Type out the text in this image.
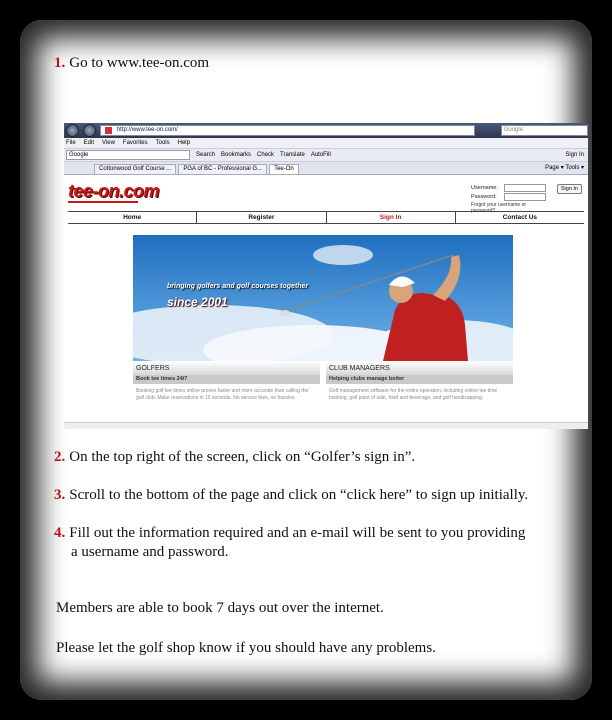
1. Go to www.tee-on.com
http://www.tee-on.com/	Google
File Edit View Favorites Tools Help
Google	Search Bookmarks Check Translate AutoFill	Sign In
Cottonwood Golf Course ...	PGA of BC - Professional G...	Tee-On	Page ▾ Tools ▾
tee-on.com	Username:
Password:
Forgot your username or password?
Sign In
Home	Register	Sign In	Contact Us
bringing golfers and golf courses together
since 2001
GOLFERS
Book tee times 24/7
Booking golf tee times online proves faster and more accurate than calling the golf club. Make reservations in 10 seconds. No service fees, no hassles.
CLUB MANAGERS
Helping clubs manage better
Golf management software for the entire operation, including online tee time booking, golf point of sale, food and beverage, and golf handicapping.
2. On the top right of the screen, click on “Golfer’s sign in”.
3. Scroll to the bottom of the page and click on “click here” to sign up initially.
4. Fill out the information required and an e-mail will be sent to you providing
a username and password.
Members are able to book 7 days out over the internet.
Please let the golf shop know if you should have any problems.
